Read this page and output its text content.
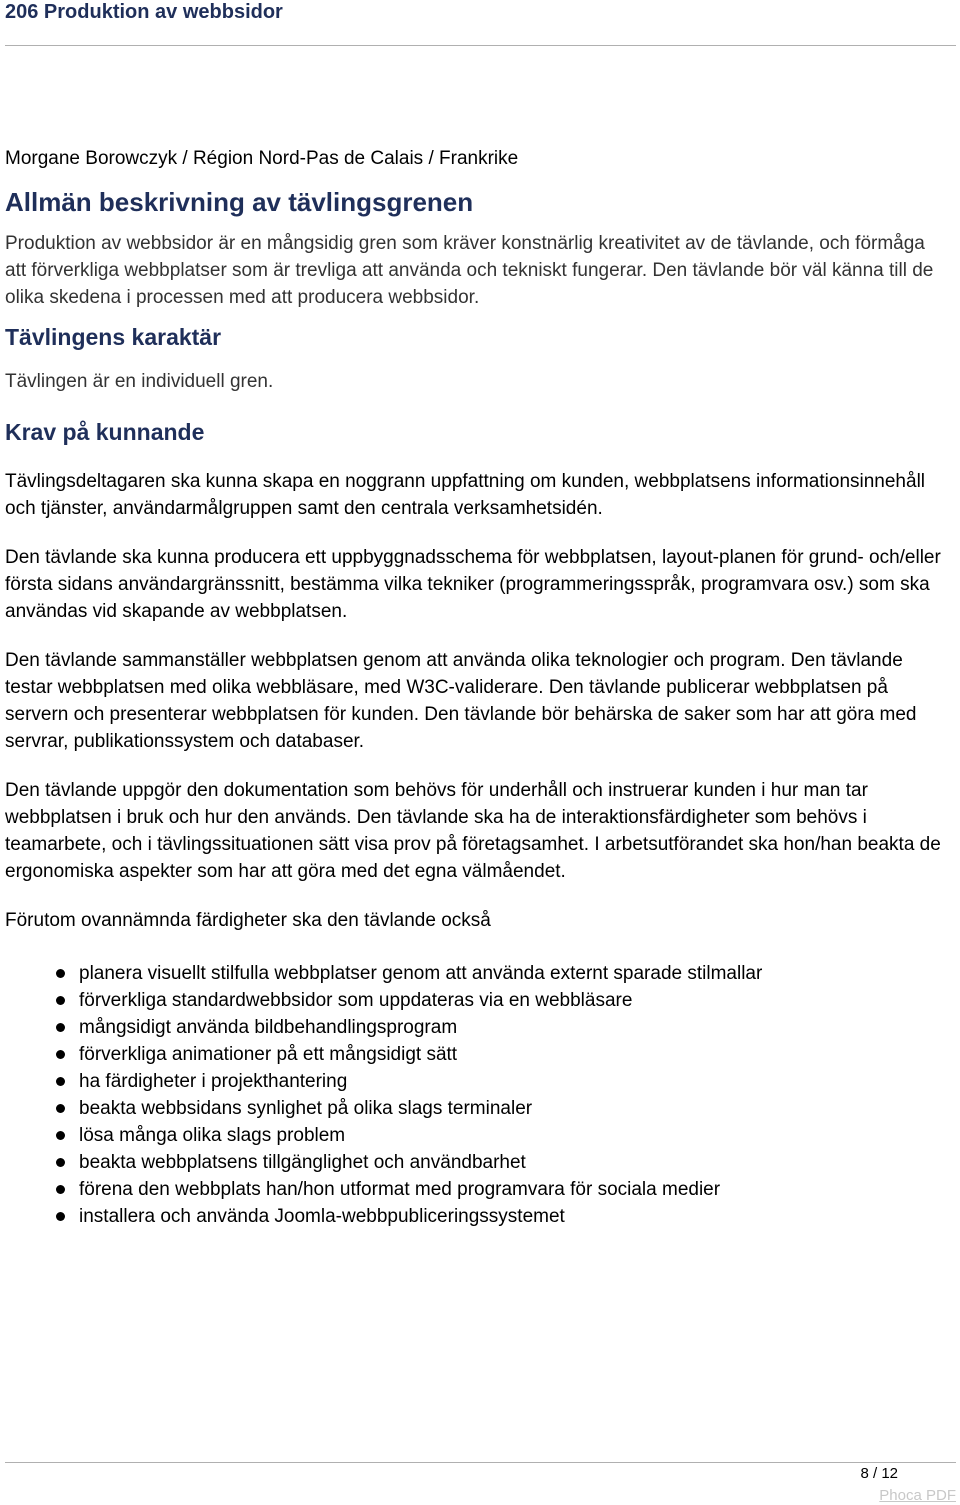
206 Produktion av webbsidor

Morgane Borowczyk / Région Nord-Pas de Calais / Frankrike

Allmän beskrivning av tävlingsgrenen

Produktion av webbsidor är en mångsidig gren som kräver konstnärlig kreativitet av de tävlande, och förmåga att förverkliga webbplatser som är trevliga att använda och tekniskt fungerar. Den tävlande bör väl känna till de olika skedena i processen med att producera webbsidor.

Tävlingens karaktär

Tävlingen är en individuell gren.

Krav på kunnande

Tävlingsdeltagaren ska kunna skapa en noggrann uppfattning om kunden, webbplatsens informationsinnehåll och tjänster, användarmålgruppen samt den centrala verksamhetsidén.

Den tävlande ska kunna producera ett uppbyggnadsschema för webbplatsen, layout-planen för grund- och/eller första sidans användargränssnitt, bestämma vilka tekniker (programmeringsspråk, programvara osv.) som ska användas vid skapande av webbplatsen.

Den tävlande sammanställer webbplatsen genom att använda olika teknologier och program. Den tävlande testar webbplatsen med olika webbläsare, med W3C-validerare. Den tävlande publicerar webbplatsen på servern och presenterar webbplatsen för kunden. Den tävlande bör behärska de saker som har att göra med servrar, publikationssystem och databaser.

Den tävlande uppgör den dokumentation som behövs för underhåll och instruerar kunden i hur man tar webbplatsen i bruk och hur den används. Den tävlande ska ha de interaktionsfärdigheter som behövs i teamarbete, och i tävlingssituationen sätt visa prov på företagsamhet. I arbetsutförandet ska hon/han beakta de ergonomiska aspekter som har att göra med det egna välmåendet.

Förutom ovannämnda färdigheter ska den tävlande också

planera visuellt stilfulla webbplatser genom att använda externt sparade stilmallar
förverkliga standardwebbsidor som uppdateras via en webbläsare
mångsidigt använda bildbehandlingsprogram
förverkliga animationer på ett mångsidigt sätt
ha färdigheter i projekthantering
beakta webbsidans synlighet på olika slags terminaler
lösa många olika slags problem
beakta webbplatsens tillgänglighet och användbarhet
förena den webbplats han/hon utformat med programvara för sociala medier
installera och använda Joomla-webbpubliceringssystemet
8 / 12
Phoca PDF
